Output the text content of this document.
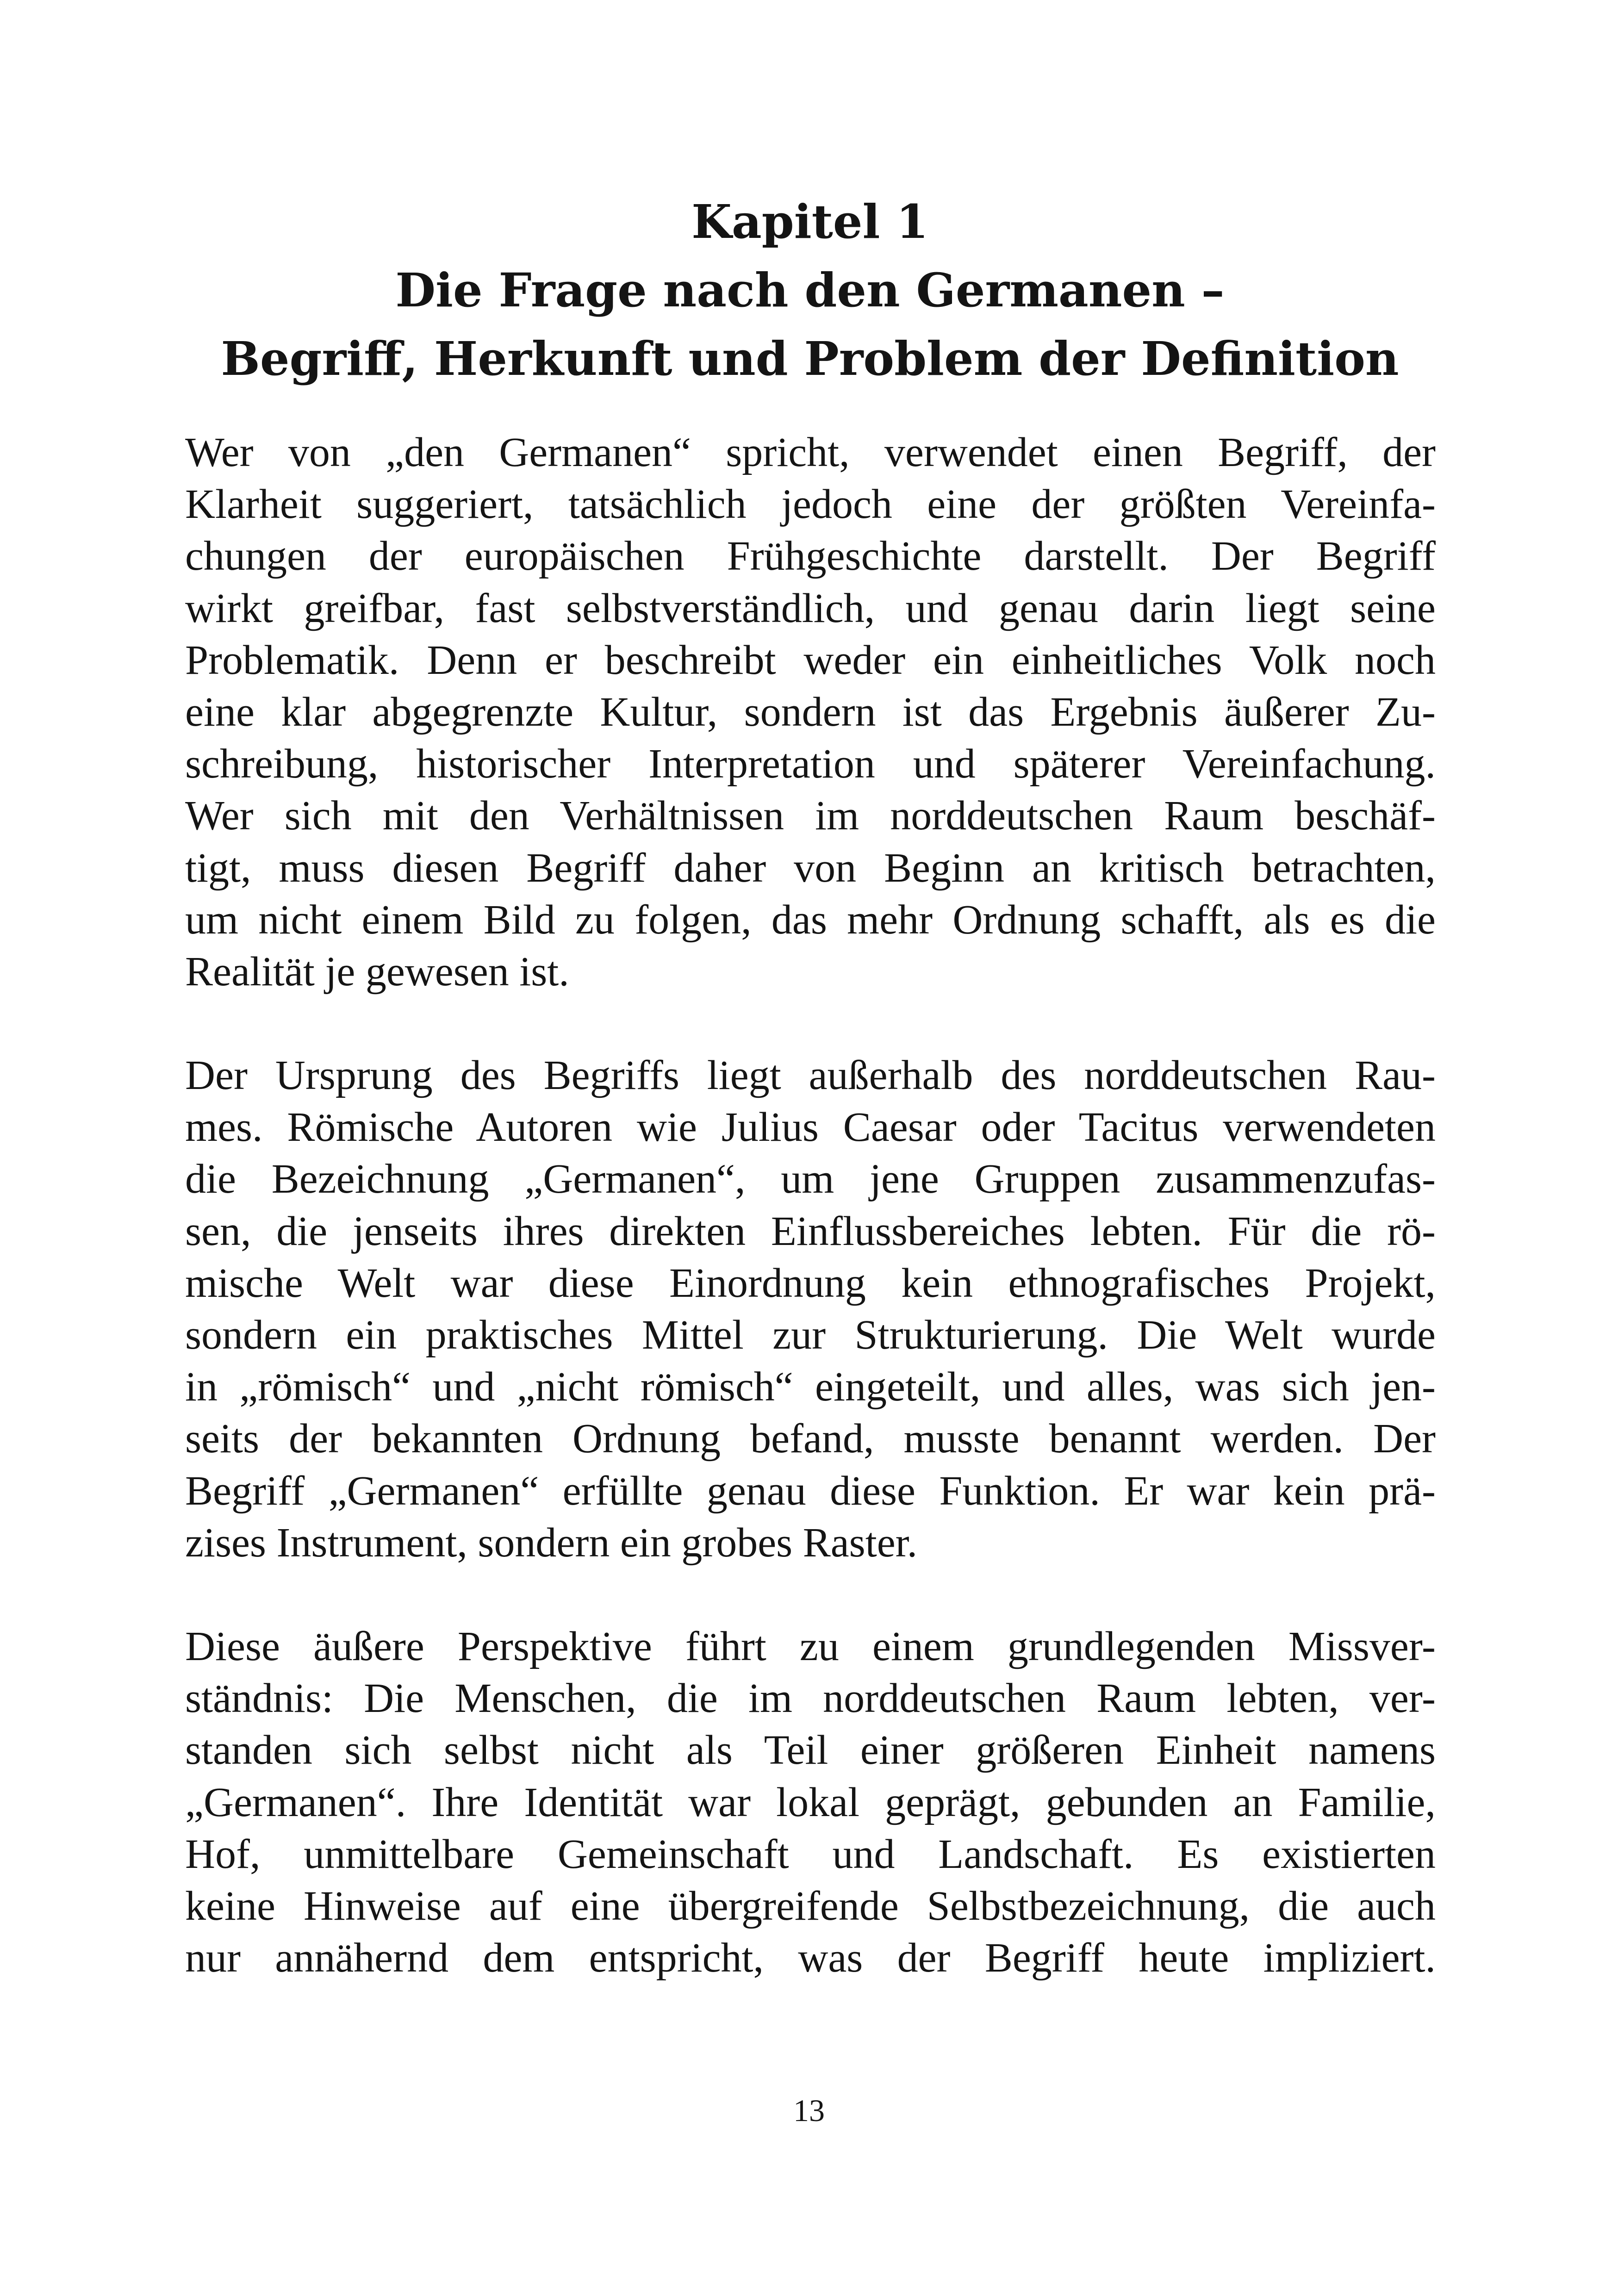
Kapitel 1
Die Frage nach den Germanen –
Begriff, Herkunft und Problem der Definition

Wer von „den Germanen“ spricht, verwendet einen Begriff, der
Klarheit suggeriert, tatsächlich jedoch eine der größten Vereinfa-
chungen der europäischen Frühgeschichte darstellt. Der Begriff
wirkt greifbar, fast selbstverständlich, und genau darin liegt seine
Problematik. Denn er beschreibt weder ein einheitliches Volk noch
eine klar abgegrenzte Kultur, sondern ist das Ergebnis äußerer Zu-
schreibung, historischer Interpretation und späterer Vereinfachung.
Wer sich mit den Verhältnissen im norddeutschen Raum beschäf-
tigt, muss diesen Begriff daher von Beginn an kritisch betrachten,
um nicht einem Bild zu folgen, das mehr Ordnung schafft, als es die
Realität je gewesen ist.

Der Ursprung des Begriffs liegt außerhalb des norddeutschen Rau-
mes. Römische Autoren wie Julius Caesar oder Tacitus verwendeten
die Bezeichnung „Germanen“, um jene Gruppen zusammenzufas-
sen, die jenseits ihres direkten Einflussbereiches lebten. Für die rö-
mische Welt war diese Einordnung kein ethnografisches Projekt,
sondern ein praktisches Mittel zur Strukturierung. Die Welt wurde
in „römisch“ und „nicht römisch“ eingeteilt, und alles, was sich jen-
seits der bekannten Ordnung befand, musste benannt werden. Der
Begriff „Germanen“ erfüllte genau diese Funktion. Er war kein prä-
zises Instrument, sondern ein grobes Raster.

Diese äußere Perspektive führt zu einem grundlegenden Missver-
ständnis: Die Menschen, die im norddeutschen Raum lebten, ver-
standen sich selbst nicht als Teil einer größeren Einheit namens
„Germanen“. Ihre Identität war lokal geprägt, gebunden an Familie,
Hof, unmittelbare Gemeinschaft und Landschaft. Es existierten
keine Hinweise auf eine übergreifende Selbstbezeichnung, die auch
nur annähernd dem entspricht, was der Begriff heute impliziert.

13
